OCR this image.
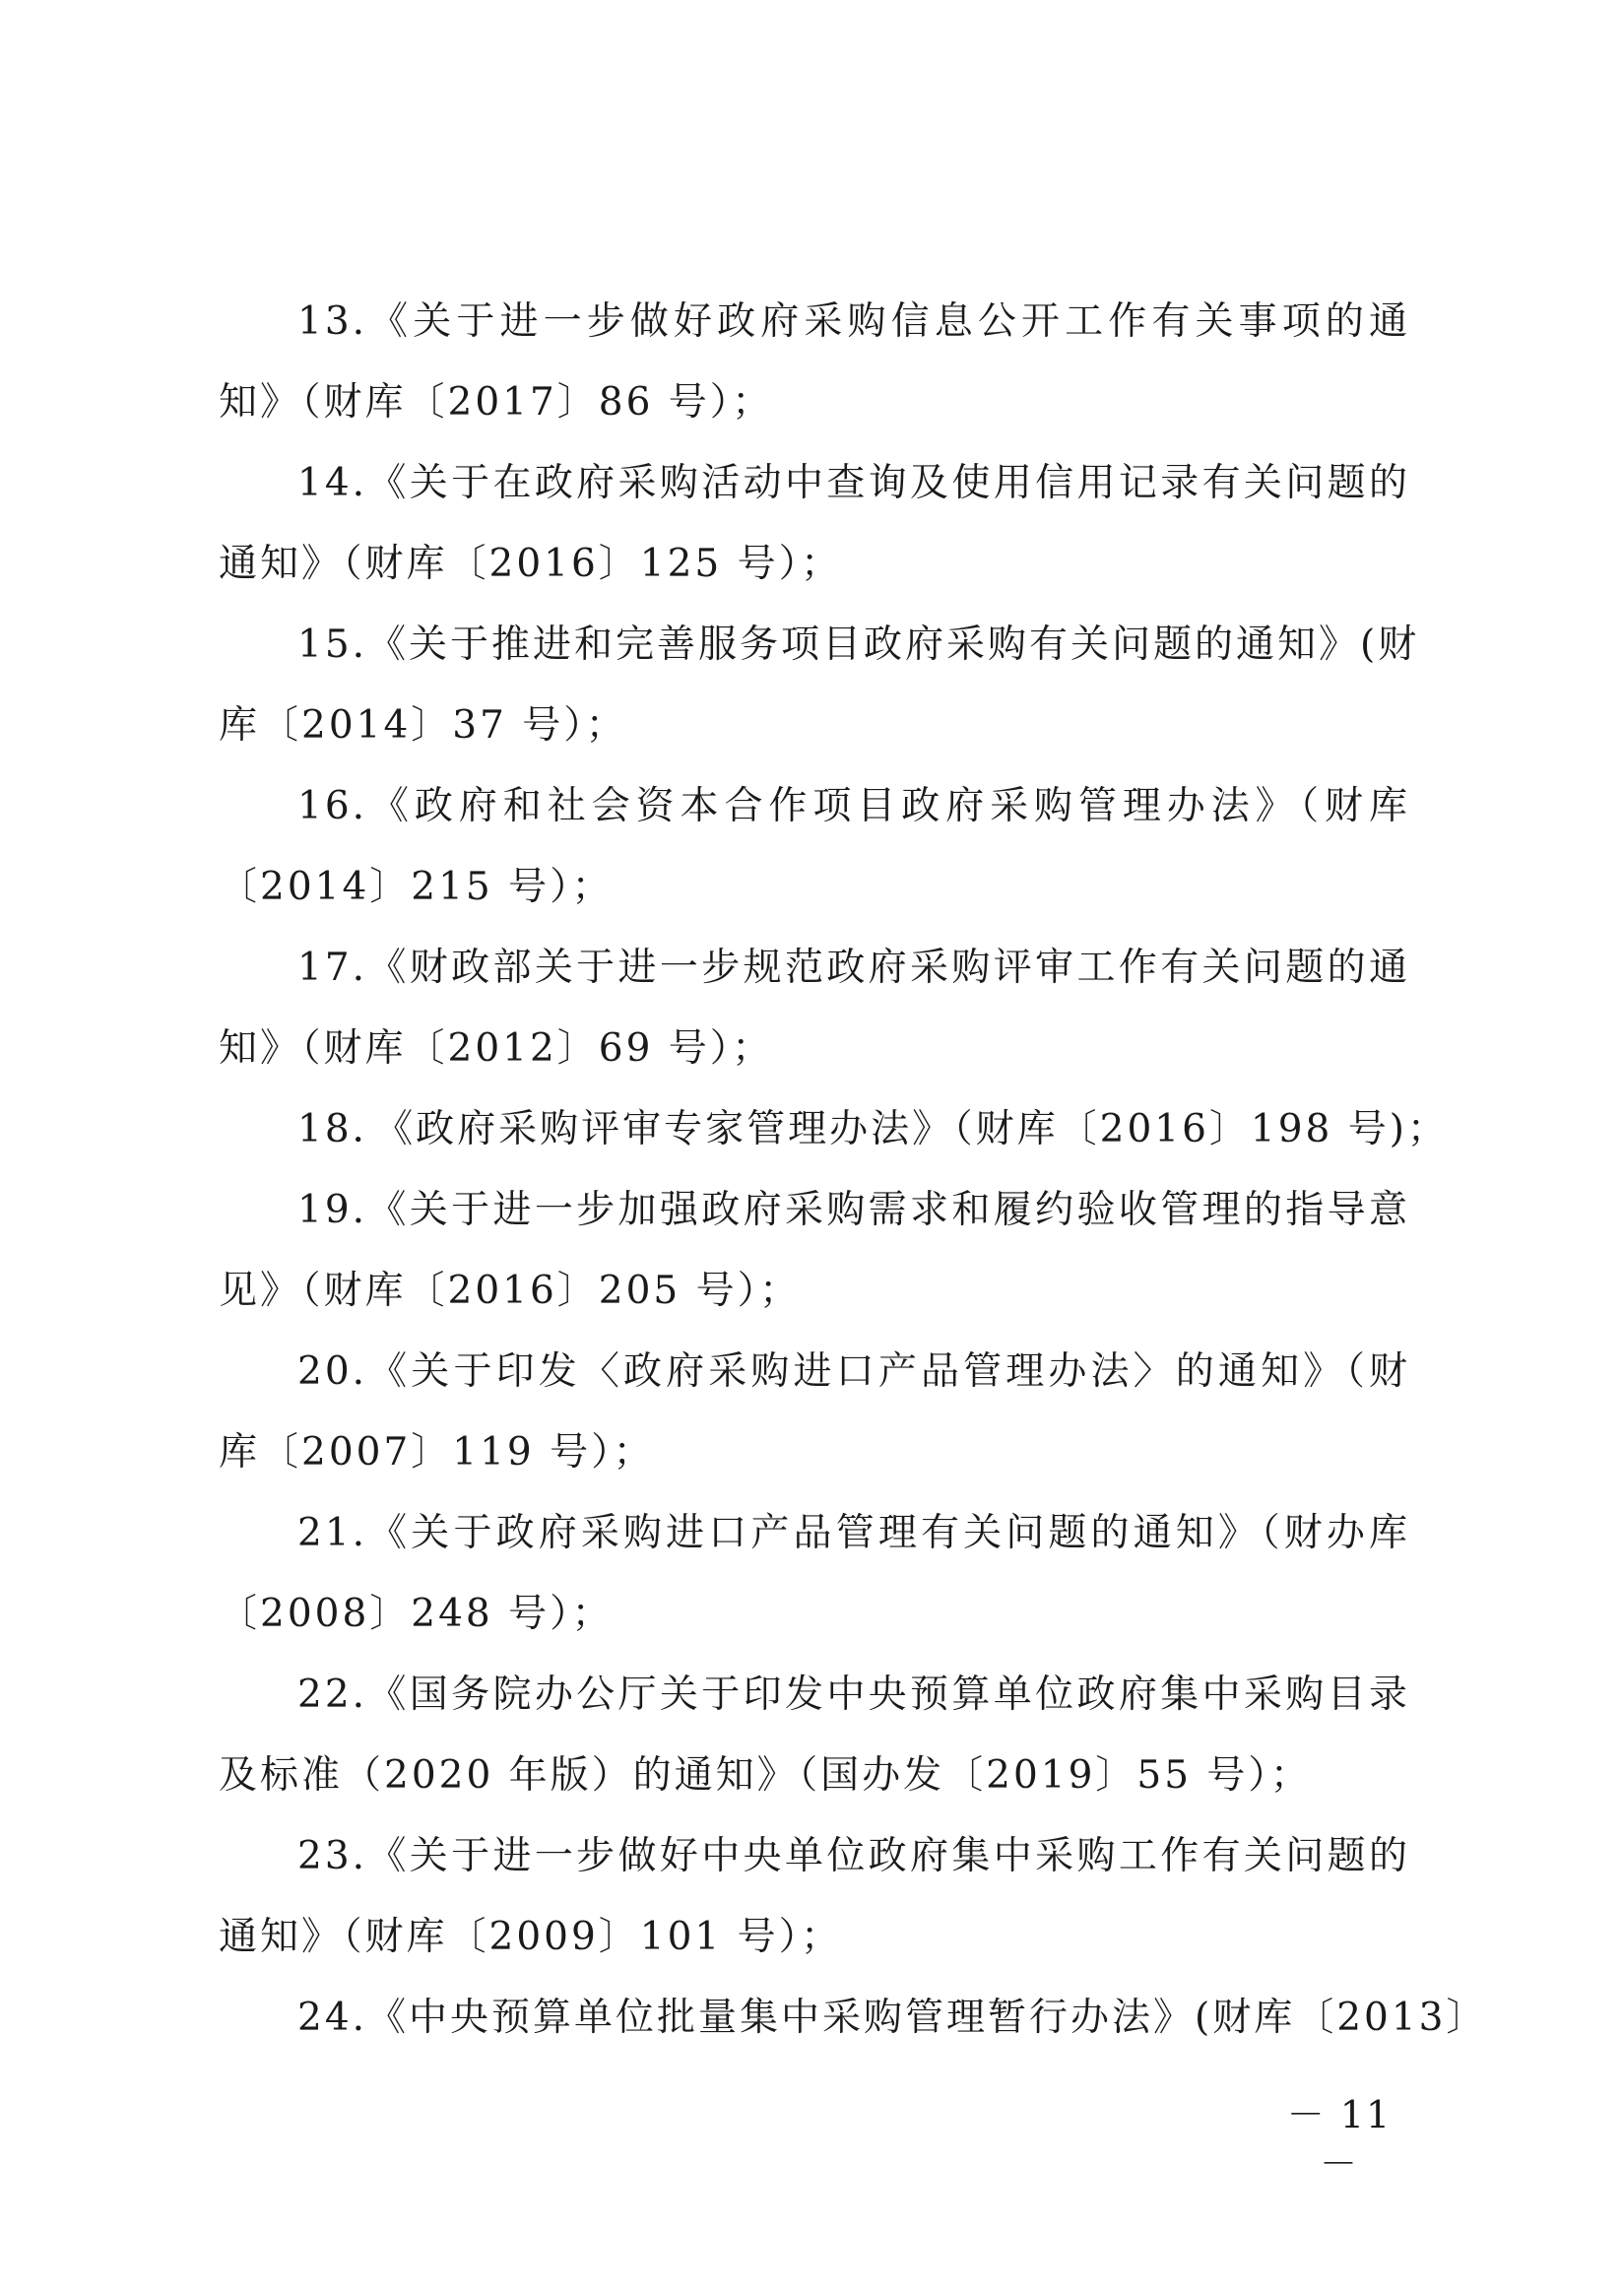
13.《关于进一步做好政府采购信息公开工作有关事项的通
知》（财库〔2017〕86 号）；
14.《关于在政府采购活动中查询及使用信用记录有关问题的
通知》（财库〔2016〕125 号）；
15.《关于推进和完善服务项目政府采购有关问题的通知》(财
库〔2014〕37 号）；
16.《政府和社会资本合作项目政府采购管理办法》（财库
〔2014〕215 号）；
17.《财政部关于进一步规范政府采购评审工作有关问题的通
知》（财库〔2012〕69 号）；
18．《政府采购评审专家管理办法》（财库〔2016〕198 号)；
19.《关于进一步加强政府采购需求和履约验收管理的指导意
见》（财库〔2016〕205 号）；
20.《关于印发〈政府采购进口产品管理办法〉的通知》（财
库〔2007〕119 号）；
21.《关于政府采购进口产品管理有关问题的通知》（财办库
〔2008〕248 号）；
22.《国务院办公厅关于印发中央预算单位政府集中采购目录
及标准（2020 年版）的通知》（国办发〔2019〕55 号）；
23.《关于进一步做好中央单位政府集中采购工作有关问题的
通知》（财库〔2009〕101 号）；
24.《中央预算单位批量集中采购管理暂行办法》(财库〔2013〕
－ 11 －
